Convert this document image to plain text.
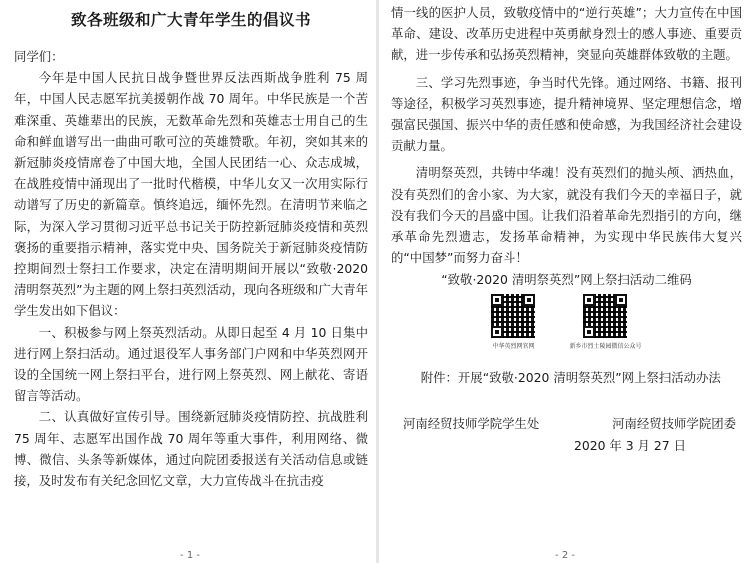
致各班级和广大青年学生的倡议书

同学们：

今年是中国人民抗日战争暨世界反法西斯战争胜利 75 周年，中国人民志愿军抗美援朝作战 70 周年。中华民族是一个苦难深重、英雄辈出的民族，无数革命先烈和英雄志士用自己的生命和鲜血谱写出一曲曲可歌可泣的英雄赞歌。年初，突如其来的新冠肺炎疫情席卷了中国大地，全国人民团结一心、众志成城，在战胜疫情中涌现出了一批时代楷模，中华儿女又一次用实际行动谱写了历史的新篇章。慎终追远，缅怀先烈。在清明节来临之际，为深入学习贯彻习近平总书记关于防控新冠肺炎疫情和英烈褒扬的重要指示精神，落实党中央、国务院关于新冠肺炎疫情防控期间烈士祭扫工作要求，决定在清明期间开展以“致敬·2020 清明祭英烈”为主题的网上祭扫英烈活动，现向各班级和广大青年学生发出如下倡议：

一、积极参与网上祭英烈活动。从即日起至 4 月 10 日集中进行网上祭扫活动。通过退役军人事务部门户网和中华英烈网开设的全国统一网上祭扫平台，进行网上祭英烈、网上献花、寄语留言等活动。

二、认真做好宣传引导。围绕新冠肺炎疫情防控、抗战胜利 75 周年、志愿军出国作战 70 周年等重大事件，利用网络、微博、微信、头条等新媒体，通过向院团委报送有关活动信息或链接，及时发布有关纪念回忆文章，大力宣传战斗在抗击疫

- 1 -

情一线的医护人员，致敬疫情中的“逆行英雄”；大力宣传在中国革命、建设、改革历史进程中英勇献身烈士的感人事迹、重要贡献，进一步传承和弘扬英烈精神，突显向英雄群体致敬的主题。

三、学习先烈事迹，争当时代先锋。通过网络、书籍、报刊等途径，积极学习英烈事迹，提升精神境界、坚定理想信念，增强富民强国、振兴中华的责任感和使命感，为我国经济社会建设贡献力量。

清明祭英烈，共铸中华魂！没有英烈们的抛头颅、洒热血，没有英烈们的舍小家、为大家，就没有我们今天的幸福日子，就没有我们今天的昌盛中国。让我们沿着革命先烈指引的方向，继承革命先烈遗志，发扬革命精神，为实现中华民族伟大复兴的“中国梦”而努力奋斗！

“致敬·2020 清明祭英烈”网上祭扫活动二维码
中华英烈网官网	新乡市烈士陵园微信公众号
附件：开展“致敬·2020 清明祭英烈”网上祭扫活动办法
河南经贸技师学院学生处	河南经贸技师学院团委
2020 年 3 月 27 日
- 2 -
